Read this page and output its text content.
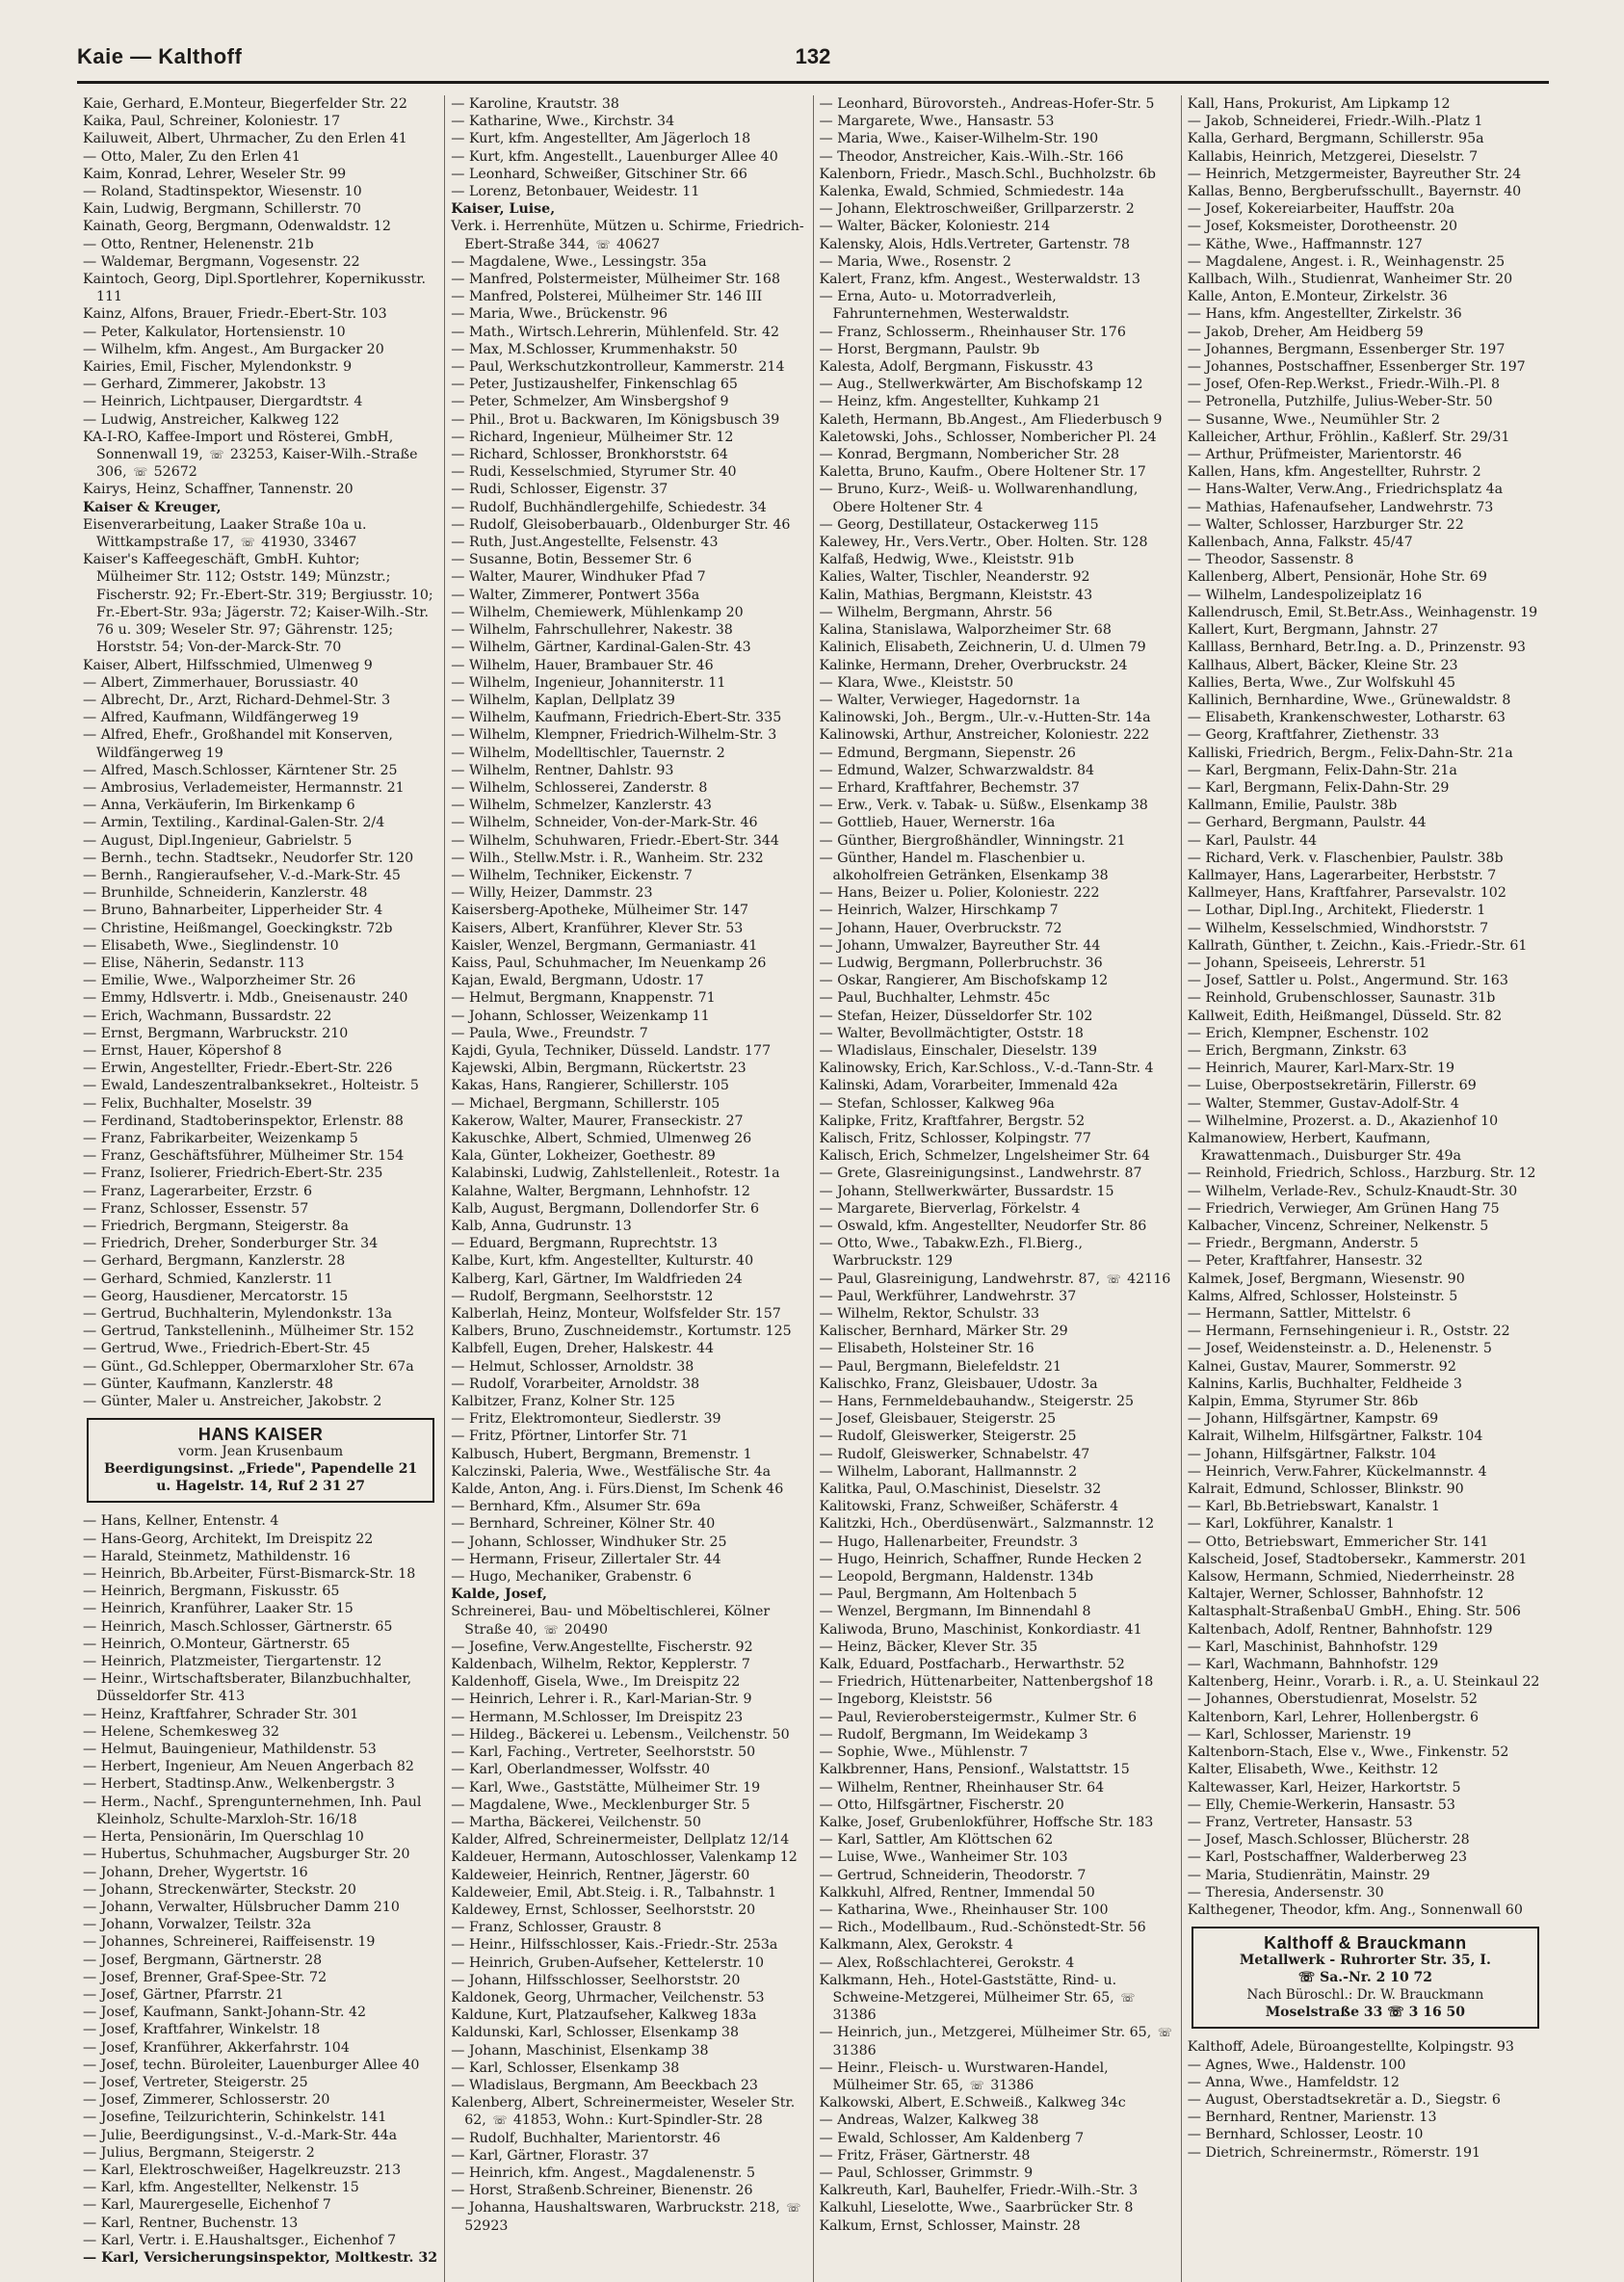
Kaie — Kalthoff	132
Kaie, Gerhard, E.Monteur, Biegerfelder Str. 22
Kaika, Paul, Schreiner, Koloniestr. 17
Kailuweit, Albert, Uhrmacher, Zu den Erlen 41
— Otto, Maler, Zu den Erlen 41
Kaim, Konrad, Lehrer, Weseler Str. 99
— Roland, Stadtinspektor, Wiesenstr. 10
Kain, Ludwig, Bergmann, Schillerstr. 70
Kainath, Georg, Bergmann, Odenwaldstr. 12
— Otto, Rentner, Helenenstr. 21b
— Waldemar, Bergmann, Vogesenstr. 22
Kaintoch, Georg, Dipl.Sportlehrer, Kopernikusstr. 111
Kainz, Alfons, Brauer, Friedr.-Ebert-Str. 103
— Peter, Kalkulator, Hortensienstr. 10
— Wilhelm, kfm. Angest., Am Burgacker 20
Kairies, Emil, Fischer, Mylendonkstr. 9
— Gerhard, Zimmerer, Jakobstr. 13
— Heinrich, Lichtpauser, Diergardtstr. 4
— Ludwig, Anstreicher, Kalkweg 122
KA-I-RO, Kaffee-Import und Rösterei, GmbH, Sonnenwall 19, ☏ 23253, Kaiser-Wilh.-Straße 306, ☏ 52672
Kairys, Heinz, Schaffner, Tannenstr. 20
Kaiser & Kreuger,
Eisenverarbeitung, Laaker Straße 10a u. Wittkampstraße 17, ☏ 41930, 33467
Kaiser's Kaffeegeschäft, GmbH. Kuhtor; Mülheimer Str. 112; Oststr. 149; Münzstr.; Fischerstr. 92; Fr.-Ebert-Str. 319; Bergiusstr. 10; Fr.-Ebert-Str. 93a; Jägerstr. 72; Kaiser-Wilh.-Str. 76 u. 309; Weseler Str. 97; Gährenstr. 125; Horststr. 54; Von-der-Marck-Str. 70
Kaiser, Albert, Hilfsschmied, Ulmenweg 9
— Albert, Zimmerhauer, Borussiastr. 40
— Albrecht, Dr., Arzt, Richard-Dehmel-Str. 3
— Alfred, Kaufmann, Wildfängerweg 19
— Alfred, Ehefr., Großhandel mit Konserven, Wildfängerweg 19
— Alfred, Masch.Schlosser, Kärntener Str. 25
— Ambrosius, Verlademeister, Hermannstr. 21
— Anna, Verkäuferin, Im Birkenkamp 6
— Armin, Textiling., Kardinal-Galen-Str. 2/4
— August, Dipl.Ingenieur, Gabrielstr. 5
— Bernh., techn. Stadtsekr., Neudorfer Str. 120
— Bernh., Rangieraufseher, V.-d.-Mark-Str. 45
— Brunhilde, Schneiderin, Kanzlerstr. 48
— Bruno, Bahnarbeiter, Lipperheider Str. 4
— Christine, Heißmangel, Goeckingkstr. 72b
— Elisabeth, Wwe., Sieglindenstr. 10
— Elise, Näherin, Sedanstr. 113
— Emilie, Wwe., Walporzheimer Str. 26
— Emmy, Hdlsvertr. i. Mdb., Gneisenaustr. 240
— Erich, Wachmann, Bussardstr. 22
— Ernst, Bergmann, Warbruckstr. 210
— Ernst, Hauer, Köpershof 8
— Erwin, Angestellter, Friedr.-Ebert-Str. 226
— Ewald, Landeszentralbanksekret., Holteistr. 5
— Felix, Buchhalter, Moselstr. 39
— Ferdinand, Stadtoberinspektor, Erlenstr. 88
— Franz, Fabrikarbeiter, Weizenkamp 5
— Franz, Geschäftsführer, Mülheimer Str. 154
— Franz, Isolierer, Friedrich-Ebert-Str. 235
— Franz, Lagerarbeiter, Erzstr. 6
— Franz, Schlosser, Essenstr. 57
— Friedrich, Bergmann, Steigerstr. 8a
— Friedrich, Dreher, Sonderburger Str. 34
— Gerhard, Bergmann, Kanzlerstr. 28
— Gerhard, Schmied, Kanzlerstr. 11
— Georg, Hausdiener, Mercatorstr. 15
— Gertrud, Buchhalterin, Mylendonkstr. 13a
— Gertrud, Tankstelleninh., Mülheimer Str. 152
— Gertrud, Wwe., Friedrich-Ebert-Str. 45
— Günt., Gd.Schlepper, Obermarxloher Str. 67a
— Günter, Kaufmann, Kanzlerstr. 48
— Günter, Maler u. Anstreicher, Jakobstr. 2
HANS KAISER
vorm. Jean Krusenbaum
Beerdigungsinst. „Friede", Papendelle 21 u. Hagelstr. 14, Ruf 2 31 27
— Hans, Kellner, Entenstr. 4
— Hans-Georg, Architekt, Im Dreispitz 22
— Harald, Steinmetz, Mathildenstr. 16
— Heinrich, Bb.Arbeiter, Fürst-Bismarck-Str. 18
— Heinrich, Bergmann, Fiskusstr. 65
— Heinrich, Kranführer, Laaker Str. 15
— Heinrich, Masch.Schlosser, Gärtnerstr. 65
— Heinrich, O.Monteur, Gärtnerstr. 65
— Heinrich, Platzmeister, Tiergartenstr. 12
— Heinr., Wirtschaftsberater, Bilanzbuchhalter, Düsseldorfer Str. 413
— Heinz, Kraftfahrer, Schrader Str. 301
— Helene, Schemkesweg 32
— Helmut, Bauingenieur, Mathildenstr. 53
— Herbert, Ingenieur, Am Neuen Angerbach 82
— Herbert, Stadtinsp.Anw., Welkenbergstr. 3
— Herm., Nachf., Sprengunternehmen, Inh. Paul Kleinholz, Schulte-Marxloh-Str. 16/18
— Herta, Pensionärin, Im Querschlag 10
— Hubertus, Schuhmacher, Augsburger Str. 20
— Johann, Dreher, Wygertstr. 16
— Johann, Streckenwärter, Steckstr. 20
— Johann, Verwalter, Hülsbrucher Damm 210
— Johann, Vorwalzer, Teilstr. 32a
— Johannes, Schreinerei, Raiffeisenstr. 19
— Josef, Bergmann, Gärtnerstr. 28
— Josef, Brenner, Graf-Spee-Str. 72
— Josef, Gärtner, Pfarrstr. 21
— Josef, Kaufmann, Sankt-Johann-Str. 42
— Josef, Kraftfahrer, Winkelstr. 18
— Josef, Kranführer, Akkerfahrstr. 104
— Josef, techn. Büroleiter, Lauenburger Allee 40
— Josef, Vertreter, Steigerstr. 25
— Josef, Zimmerer, Schlosserstr. 20
— Josefine, Teilzurichterin, Schinkelstr. 141
— Julie, Beerdigungsinst., V.-d.-Mark-Str. 44a
— Julius, Bergmann, Steigerstr. 2
— Karl, Elektroschweißer, Hagelkreuzstr. 213
— Karl, kfm. Angestellter, Nelkenstr. 15
— Karl, Maurergeselle, Eichenhof 7
— Karl, Rentner, Buchenstr. 13
— Karl, Vertr. i. E.Haushaltsger., Eichenhof 7
— Karl, Versicherungsinspektor, Moltkestr. 32
— Karoline, Krautstr. 38
— Katharine, Wwe., Kirchstr. 34
— Kurt, kfm. Angestellter, Am Jägerloch 18
— Kurt, kfm. Angestellt., Lauenburger Allee 40
— Leonhard, Schweißer, Gitschiner Str. 66
— Lorenz, Betonbauer, Weidestr. 11
Kaiser, Luise,
Verk. i. Herrenhüte, Mützen u. Schirme, Friedrich-Ebert-Straße 344, ☏ 40627
— Magdalene, Wwe., Lessingstr. 35a
— Manfred, Polstermeister, Mülheimer Str. 168
— Manfred, Polsterei, Mülheimer Str. 146 III
— Maria, Wwe., Brückenstr. 96
— Math., Wirtsch.Lehrerin, Mühlenfeld. Str. 42
— Max, M.Schlosser, Krummenhakstr. 50
— Paul, Werkschutzkontrolleur, Kammerstr. 214
— Peter, Justizaushelfer, Finkenschlag 65
— Peter, Schmelzer, Am Winsbergshof 9
— Phil., Brot u. Backwaren, Im Königsbusch 39
— Richard, Ingenieur, Mülheimer Str. 12
— Richard, Schlosser, Bronkhorststr. 64
— Rudi, Kesselschmied, Styrumer Str. 40
— Rudi, Schlosser, Eigenstr. 37
— Rudolf, Buchhändlergehilfe, Schiedestr. 34
— Rudolf, Gleisoberbauarb., Oldenburger Str. 46
— Ruth, Just.Angestellte, Felsenstr. 43
— Susanne, Botin, Bessemer Str. 6
— Walter, Maurer, Windhuker Pfad 7
— Walter, Zimmerer, Pontwert 356a
— Wilhelm, Chemiewerk, Mühlenkamp 20
— Wilhelm, Fahrschullehrer, Nakestr. 38
— Wilhelm, Gärtner, Kardinal-Galen-Str. 43
— Wilhelm, Hauer, Brambauer Str. 46
— Wilhelm, Ingenieur, Johanniterstr. 11
— Wilhelm, Kaplan, Dellplatz 39
— Wilhelm, Kaufmann, Friedrich-Ebert-Str. 335
— Wilhelm, Klempner, Friedrich-Wilhelm-Str. 3
— Wilhelm, Modelltischler, Tauernstr. 2
— Wilhelm, Rentner, Dahlstr. 93
— Wilhelm, Schlosserei, Zanderstr. 8
— Wilhelm, Schmelzer, Kanzlerstr. 43
— Wilhelm, Schneider, Von-der-Mark-Str. 46
— Wilhelm, Schuhwaren, Friedr.-Ebert-Str. 344
— Wilh., Stellw.Mstr. i. R., Wanheim. Str. 232
— Wilhelm, Techniker, Eickenstr. 7
— Willy, Heizer, Dammstr. 23
Kaisersberg-Apotheke, Mülheimer Str. 147
Kaisers, Albert, Kranführer, Klever Str. 53
Kaisler, Wenzel, Bergmann, Germaniastr. 41
Kaiss, Paul, Schuhmacher, Im Neuenkamp 26
Kajan, Ewald, Bergmann, Udostr. 17
— Helmut, Bergmann, Knappenstr. 71
— Johann, Schlosser, Weizenkamp 11
— Paula, Wwe., Freundstr. 7
Kajdi, Gyula, Techniker, Düsseld. Landstr. 177
Kajewski, Albin, Bergmann, Rückertstr. 23
Kakas, Hans, Rangierer, Schillerstr. 105
— Michael, Bergmann, Schillerstr. 105
Kakerow, Walter, Maurer, Franseckistr. 27
Kakuschke, Albert, Schmied, Ulmenweg 26
Kala, Günter, Lokheizer, Goethestr. 89
Kalabinski, Ludwig, Zahlstellenleit., Rotestr. 1a
Kalahne, Walter, Bergmann, Lehnhofstr. 12
Kalb, August, Bergmann, Dollendorfer Str. 6
Kalb, Anna, Gudrunstr. 13
— Eduard, Bergmann, Ruprechtstr. 13
Kalbe, Kurt, kfm. Angestellter, Kulturstr. 40
Kalberg, Karl, Gärtner, Im Waldfrieden 24
— Rudolf, Bergmann, Seelhorststr. 12
Kalberlah, Heinz, Monteur, Wolfsfelder Str. 157
Kalbers, Bruno, Zuschneidemstr., Kortumstr. 125
Kalbfell, Eugen, Dreher, Halskestr. 44
— Helmut, Schlosser, Arnoldstr. 38
— Rudolf, Vorarbeiter, Arnoldstr. 38
Kalbitzer, Franz, Kolner Str. 125
— Fritz, Elektromonteur, Siedlerstr. 39
— Fritz, Pförtner, Lintorfer Str. 71
Kalbusch, Hubert, Bergmann, Bremenstr. 1
Kalczinski, Paleria, Wwe., Westfälische Str. 4a
Kalde, Anton, Ang. i. Fürs.Dienst, Im Schenk 46
— Bernhard, Kfm., Alsumer Str. 69a
— Bernhard, Schreiner, Kölner Str. 40
— Johann, Schlosser, Windhuker Str. 25
— Hermann, Friseur, Zillertaler Str. 44
— Hugo, Mechaniker, Grabenstr. 6
Kalde, Josef,
Schreinerei, Bau- und Möbeltischlerei, Kölner Straße 40, ☏ 20490
— Josefine, Verw.Angestellte, Fischerstr. 92
Kaldenbach, Wilhelm, Rektor, Kepplerstr. 7
Kaldenhoff, Gisela, Wwe., Im Dreispitz 22
— Heinrich, Lehrer i. R., Karl-Marian-Str. 9
— Hermann, M.Schlosser, Im Dreispitz 23
— Hildeg., Bäckerei u. Lebensm., Veilchenstr. 50
— Karl, Faching., Vertreter, Seelhorststr. 50
— Karl, Oberlandmesser, Wolfsstr. 40
— Karl, Wwe., Gaststätte, Mülheimer Str. 19
— Magdalene, Wwe., Mecklenburger Str. 5
— Martha, Bäckerei, Veilchenstr. 50
Kalder, Alfred, Schreinermeister, Dellplatz 12/14
Kaldeuer, Hermann, Autoschlosser, Valenkamp 12
Kaldeweier, Heinrich, Rentner, Jägerstr. 60
Kaldeweier, Emil, Abt.Steig. i. R., Talbahnstr. 1
Kaldewey, Ernst, Schlosser, Seelhorststr. 20
— Franz, Schlosser, Graustr. 8
— Heinr., Hilfsschlosser, Kais.-Friedr.-Str. 253a
— Heinrich, Gruben-Aufseher, Kettelerstr. 10
— Johann, Hilfsschlosser, Seelhorststr. 20
Kaldonek, Georg, Uhrmacher, Veilchenstr. 53
Kaldune, Kurt, Platzaufseher, Kalkweg 183a
Kaldunski, Karl, Schlosser, Elsenkamp 38
— Johann, Maschinist, Elsenkamp 38
— Karl, Schlosser, Elsenkamp 38
— Wladislaus, Bergmann, Am Beeckbach 23
Kalenberg, Albert, Schreinermeister, Weseler Str. 62, ☏ 41853, Wohn.: Kurt-Spindler-Str. 28
— Rudolf, Buchhalter, Marientorstr. 46
— Karl, Gärtner, Florastr. 37
— Heinrich, kfm. Angest., Magdalenenstr. 5
— Horst, Straßenb.Schreiner, Bienenstr. 26
— Johanna, Haushaltswaren, Warbruckstr. 218, ☏ 52923
— Leonhard, Bürovorsteh., Andreas-Hofer-Str. 5
— Margarete, Wwe., Hansastr. 53
— Maria, Wwe., Kaiser-Wilhelm-Str. 190
— Theodor, Anstreicher, Kais.-Wilh.-Str. 166
Kalenborn, Friedr., Masch.Schl., Buchholzstr. 6b
Kalenka, Ewald, Schmied, Schmiedestr. 14a
— Johann, Elektroschweißer, Grillparzerstr. 2
— Walter, Bäcker, Koloniestr. 214
Kalensky, Alois, Hdls.Vertreter, Gartenstr. 78
— Maria, Wwe., Rosenstr. 2
Kalert, Franz, kfm. Angest., Westerwaldstr. 13
— Erna, Auto- u. Motorradverleih, Fahrunternehmen, Westerwaldstr.
— Franz, Schlosserm., Rheinhauser Str. 176
— Horst, Bergmann, Paulstr. 9b
Kalesta, Adolf, Bergmann, Fiskusstr. 43
— Aug., Stellwerkwärter, Am Bischofskamp 12
— Heinz, kfm. Angestellter, Kuhkamp 21
Kaleth, Hermann, Bb.Angest., Am Fliederbusch 9
Kaletowski, Johs., Schlosser, Nombericher Pl. 24
— Konrad, Bergmann, Nombericher Str. 28
Kaletta, Bruno, Kaufm., Obere Holtener Str. 17
— Bruno, Kurz-, Weiß- u. Wollwarenhandlung, Obere Holtener Str. 4
— Georg, Destillateur, Ostackerweg 115
Kalewey, Hr., Vers.Vertr., Ober. Holten. Str. 128
Kalfaß, Hedwig, Wwe., Kleiststr. 91b
Kalies, Walter, Tischler, Neanderstr. 92
Kalin, Mathias, Bergmann, Kleiststr. 43
— Wilhelm, Bergmann, Ahrstr. 56
Kalina, Stanislawa, Walporzheimer Str. 68
Kalinich, Elisabeth, Zeichnerin, U. d. Ulmen 79
Kalinke, Hermann, Dreher, Overbruckstr. 24
— Klara, Wwe., Kleiststr. 50
— Walter, Verwieger, Hagedornstr. 1a
Kalinowski, Joh., Bergm., Ulr.-v.-Hutten-Str. 14a
Kalinowski, Arthur, Anstreicher, Koloniestr. 222
— Edmund, Bergmann, Siepenstr. 26
— Edmund, Walzer, Schwarzwaldstr. 84
— Erhard, Kraftfahrer, Bechemstr. 37
— Erw., Verk. v. Tabak- u. Süßw., Elsenkamp 38
— Gottlieb, Hauer, Wernerstr. 16a
— Günther, Biergroßhändler, Winningstr. 21
— Günther, Handel m. Flaschenbier u. alkoholfreien Getränken, Elsenkamp 38
— Hans, Beizer u. Polier, Koloniestr. 222
— Heinrich, Walzer, Hirschkamp 7
— Johann, Hauer, Overbruckstr. 72
— Johann, Umwalzer, Bayreuther Str. 44
— Ludwig, Bergmann, Pollerbruchstr. 36
— Oskar, Rangierer, Am Bischofskamp 12
— Paul, Buchhalter, Lehmstr. 45c
— Stefan, Heizer, Düsseldorfer Str. 102
— Walter, Bevollmächtigter, Oststr. 18
— Wladislaus, Einschaler, Dieselstr. 139
Kalinowsky, Erich, Kar.Schloss., V.-d.-Tann-Str. 4
Kalinski, Adam, Vorarbeiter, Immenald 42a
— Stefan, Schlosser, Kalkweg 96a
Kalipke, Fritz, Kraftfahrer, Bergstr. 52
Kalisch, Fritz, Schlosser, Kolpingstr. 77
Kalisch, Erich, Schmelzer, Lngelsheimer Str. 64
— Grete, Glasreinigungsinst., Landwehrstr. 87
— Johann, Stellwerkwärter, Bussardstr. 15
— Margarete, Bierverlag, Förkelstr. 4
— Oswald, kfm. Angestellter, Neudorfer Str. 86
— Otto, Wwe., Tabakw.Ezh., Fl.Bierg., Warbruckstr. 129
— Paul, Glasreinigung, Landwehrstr. 87, ☏ 42116
— Paul, Werkführer, Landwehrstr. 37
— Wilhelm, Rektor, Schulstr. 33
Kalischer, Bernhard, Märker Str. 29
— Elisabeth, Holsteiner Str. 16
— Paul, Bergmann, Bielefeldstr. 21
Kalischko, Franz, Gleisbauer, Udostr. 3a
— Hans, Fernmeldebauhandw., Steigerstr. 25
— Josef, Gleisbauer, Steigerstr. 25
— Rudolf, Gleiswerker, Steigerstr. 25
— Rudolf, Gleiswerker, Schnabelstr. 47
— Wilhelm, Laborant, Hallmannstr. 2
Kalitka, Paul, O.Maschinist, Dieselstr. 32
Kalitowski, Franz, Schweißer, Schäferstr. 4
Kalitzki, Hch., Oberdüsenwärt., Salzmannstr. 12
— Hugo, Hallenarbeiter, Freundstr. 3
— Hugo, Heinrich, Schaffner, Runde Hecken 2
— Leopold, Bergmann, Haldenstr. 134b
— Paul, Bergmann, Am Holtenbach 5
— Wenzel, Bergmann, Im Binnendahl 8
Kaliwoda, Bruno, Maschinist, Konkordiastr. 41
— Heinz, Bäcker, Klever Str. 35
Kalk, Eduard, Postfacharb., Herwarthstr. 52
— Friedrich, Hüttenarbeiter, Nattenbergshof 18
— Ingeborg, Kleiststr. 56
— Paul, Revierobersteigermstr., Kulmer Str. 6
— Rudolf, Bergmann, Im Weidekamp 3
— Sophie, Wwe., Mühlenstr. 7
Kalkbrenner, Hans, Pensionf., Walstattstr. 15
— Wilhelm, Rentner, Rheinhauser Str. 64
— Otto, Hilfsgärtner, Fischerstr. 20
Kalke, Josef, Grubenlokführer, Hoffsche Str. 183
— Karl, Sattler, Am Klöttschen 62
— Luise, Wwe., Wanheimer Str. 103
— Gertrud, Schneiderin, Theodorstr. 7
Kalkkuhl, Alfred, Rentner, Immendal 50
— Katharina, Wwe., Rheinhauser Str. 100
— Rich., Modellbaum., Rud.-Schönstedt-Str. 56
Kalkmann, Alex, Gerokstr. 4
— Alex, Roßschlachterei, Gerokstr. 4
Kalkmann, Heh., Hotel-Gaststätte, Rind- u. Schweine-Metzgerei, Mülheimer Str. 65, ☏ 31386
— Heinrich, jun., Metzgerei, Mülheimer Str. 65, ☏ 31386
— Heinr., Fleisch- u. Wurstwaren-Handel, Mülheimer Str. 65, ☏ 31386
Kalkowski, Albert, E.Schweiß., Kalkweg 34c
— Andreas, Walzer, Kalkweg 38
— Ewald, Schlosser, Am Kaldenberg 7
— Fritz, Fräser, Gärtnerstr. 48
— Paul, Schlosser, Grimmstr. 9
Kalkreuth, Karl, Bauhelfer, Friedr.-Wilh.-Str. 3
Kalkuhl, Lieselotte, Wwe., Saarbrücker Str. 8
Kalkum, Ernst, Schlosser, Mainstr. 28
Kall, Hans, Prokurist, Am Lipkamp 12
— Jakob, Schneiderei, Friedr.-Wilh.-Platz 1
Kalla, Gerhard, Bergmann, Schillerstr. 95a
Kallabis, Heinrich, Metzgerei, Dieselstr. 7
— Heinrich, Metzgermeister, Bayreuther Str. 24
Kallas, Benno, Bergberufsschullt., Bayernstr. 40
— Josef, Kokereiarbeiter, Hauffstr. 20a
— Josef, Koksmeister, Dorotheenstr. 20
— Käthe, Wwe., Haffmannstr. 127
— Magdalene, Angest. i. R., Weinhagenstr. 25
Kallbach, Wilh., Studienrat, Wanheimer Str. 20
Kalle, Anton, E.Monteur, Zirkelstr. 36
— Hans, kfm. Angestellter, Zirkelstr. 36
— Jakob, Dreher, Am Heidberg 59
— Johannes, Bergmann, Essenberger Str. 197
— Johannes, Postschaffner, Essenberger Str. 197
— Josef, Ofen-Rep.Werkst., Friedr.-Wilh.-Pl. 8
— Petronella, Putzhilfe, Julius-Weber-Str. 50
— Susanne, Wwe., Neumühler Str. 2
Kalleicher, Arthur, Fröhlin., Kaßlerf. Str. 29/31
— Arthur, Prüfmeister, Marientorstr. 46
Kallen, Hans, kfm. Angestellter, Ruhrstr. 2
— Hans-Walter, Verw.Ang., Friedrichsplatz 4a
— Mathias, Hafenaufseher, Landwehrstr. 73
— Walter, Schlosser, Harzburger Str. 22
Kallenbach, Anna, Falkstr. 45/47
— Theodor, Sassenstr. 8
Kallenberg, Albert, Pensionär, Hohe Str. 69
— Wilhelm, Landespolizeiplatz 16
Kallendrusch, Emil, St.Betr.Ass., Weinhagenstr. 19
Kallert, Kurt, Bergmann, Jahnstr. 27
Kalllass, Bernhard, Betr.Ing. a. D., Prinzenstr. 93
Kallhaus, Albert, Bäcker, Kleine Str. 23
Kallies, Berta, Wwe., Zur Wolfskuhl 45
Kallinich, Bernhardine, Wwe., Grünewaldstr. 8
— Elisabeth, Krankenschwester, Lotharstr. 63
— Georg, Kraftfahrer, Ziethenstr. 33
Kalliski, Friedrich, Bergm., Felix-Dahn-Str. 21a
— Karl, Bergmann, Felix-Dahn-Str. 21a
— Karl, Bergmann, Felix-Dahn-Str. 29
Kallmann, Emilie, Paulstr. 38b
— Gerhard, Bergmann, Paulstr. 44
— Karl, Paulstr. 44
— Richard, Verk. v. Flaschenbier, Paulstr. 38b
Kallmayer, Hans, Lagerarbeiter, Herbststr. 7
Kallmeyer, Hans, Kraftfahrer, Parsevalstr. 102
— Lothar, Dipl.Ing., Architekt, Fliederstr. 1
— Wilhelm, Kesselschmied, Windhorststr. 7
Kallrath, Günther, t. Zeichn., Kais.-Friedr.-Str. 61
— Johann, Speiseeis, Lehrerstr. 51
— Josef, Sattler u. Polst., Angermund. Str. 163
— Reinhold, Grubenschlosser, Saunastr. 31b
Kallweit, Edith, Heißmangel, Düsseld. Str. 82
— Erich, Klempner, Eschenstr. 102
— Erich, Bergmann, Zinkstr. 63
— Heinrich, Maurer, Karl-Marx-Str. 19
— Luise, Oberpostsekretärin, Fillerstr. 69
— Walter, Stemmer, Gustav-Adolf-Str. 4
— Wilhelmine, Prozerst. a. D., Akazienhof 10
Kalmanowiew, Herbert, Kaufmann, Krawattenmach., Duisburger Str. 49a
— Reinhold, Friedrich, Schloss., Harzburg. Str. 12
— Wilhelm, Verlade-Rev., Schulz-Knaudt-Str. 30
— Friedrich, Verwieger, Am Grünen Hang 75
Kalbacher, Vincenz, Schreiner, Nelkenstr. 5
— Friedr., Bergmann, Anderstr. 5
— Peter, Kraftfahrer, Hansestr. 32
Kalmek, Josef, Bergmann, Wiesenstr. 90
Kalms, Alfred, Schlosser, Holsteinstr. 5
— Hermann, Sattler, Mittelstr. 6
— Hermann, Fernsehingenieur i. R., Oststr. 22
— Josef, Weidensteinstr. a. D., Helenenstr. 5
Kalnei, Gustav, Maurer, Sommerstr. 92
Kalnins, Karlis, Buchhalter, Feldheide 3
Kalpin, Emma, Styrumer Str. 86b
— Johann, Hilfsgärtner, Kampstr. 69
Kalrait, Wilhelm, Hilfsgärtner, Falkstr. 104
— Johann, Hilfsgärtner, Falkstr. 104
— Heinrich, Verw.Fahrer, Kückelmannstr. 4
Kalrait, Edmund, Schlosser, Blinkstr. 90
— Karl, Bb.Betriebswart, Kanalstr. 1
— Karl, Lokführer, Kanalstr. 1
— Otto, Betriebswart, Emmericher Str. 141
Kalscheid, Josef, Stadtobersekr., Kammerstr. 201
Kalsow, Hermann, Schmied, Niederrheinstr. 28
Kaltajer, Werner, Schlosser, Bahnhofstr. 12
Kaltasphalt-StraßenbaU GmbH., Ehing. Str. 506
Kaltenbach, Adolf, Rentner, Bahnhofstr. 129
— Karl, Maschinist, Bahnhofstr. 129
— Karl, Wachmann, Bahnhofstr. 129
Kaltenberg, Heinr., Vorarb. i. R., a. U. Steinkaul 22
— Johannes, Oberstudienrat, Moselstr. 52
Kaltenborn, Karl, Lehrer, Hollenbergstr. 6
— Karl, Schlosser, Marienstr. 19
Kaltenborn-Stach, Else v., Wwe., Finkenstr. 52
Kalter, Elisabeth, Wwe., Keithstr. 12
Kaltewasser, Karl, Heizer, Harkortstr. 5
— Elly, Chemie-Werkerin, Hansastr. 53
— Franz, Vertreter, Hansastr. 53
— Josef, Masch.Schlosser, Blücherstr. 28
— Karl, Postschaffner, Walderberweg 23
— Maria, Studienrätin, Mainstr. 29
— Theresia, Andersenstr. 30
Kalthegener, Theodor, kfm. Ang., Sonnenwall 60
Kalthoff & Brauckmann
Metallwerk - Ruhrorter Str. 35, I.
☏ Sa.-Nr. 2 10 72
Nach Büroschl.: Dr. W. Brauckmann
Moselstraße 33 ☏ 3 16 50
Kalthoff, Adele, Büroangestellte, Kolpingstr. 93
— Agnes, Wwe., Haldenstr. 100
— Anna, Wwe., Hamfeldstr. 12
— August, Oberstadtsekretär a. D., Siegstr. 6
— Bernhard, Rentner, Marienstr. 13
— Bernhard, Schlosser, Leostr. 10
— Dietrich, Schreinermstr., Römerstr. 191
